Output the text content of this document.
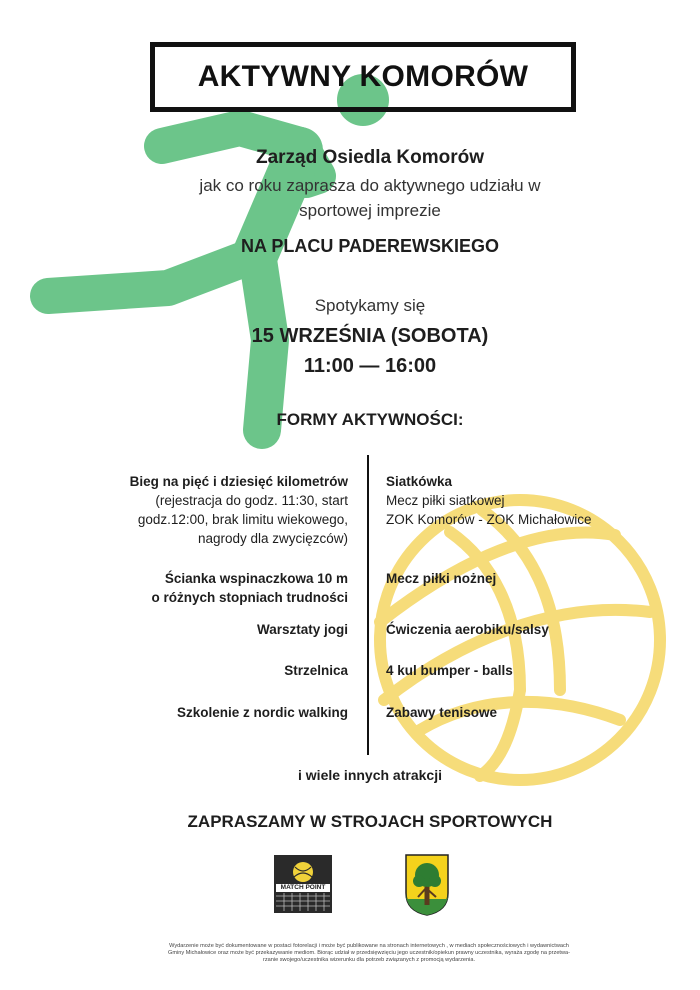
AKTYWNY KOMORÓW
Zarząd Osiedla Komorów
jak co roku zaprasza do aktywnego udziału w
sportowej imprezie
NA PLACU PADEREWSKIEGO
Spotykamy się
15 WRZEŚNIA (SOBOTA)
11:00 — 16:00
FORMY AKTYWNOŚCI:
Bieg na pięć i dziesięć kilometrów
(rejestracja do godz. 11:30, start
godz.12:00, brak limitu wiekowego,
nagrody dla zwycięzców)
Ścianka wspinaczkowa 10 m
o różnych stopniach trudności
Warsztaty jogi
Strzelnica
Szkolenie z nordic walking
Siatkówka
Mecz piłki siatkowej
ZOK Komorów - ZOK Michałowice
Mecz piłki nożnej
Ćwiczenia aerobiku/salsy
4 kul bumper - balls
Zabawy tenisowe
i wiele innych atrakcji
ZAPRASZAMY W STROJACH SPORTOWYCH
MATCH POINT
Wydarzenie może być dokumentowane w postaci fotorelacji i może być publikowane na stronach internetowych , w mediach społecznościowych i wydawnictwach
Gminy Michałowice oraz może być przekazywanie mediom. Biorąc udział w przedsięwzięciu jego uczestnik/opiekun prawny uczestnika, wyraża zgodę na przetwa-
rzanie swojego/uczestnika wizerunku dla potrzeb związanych z promocją wydarzenia.
